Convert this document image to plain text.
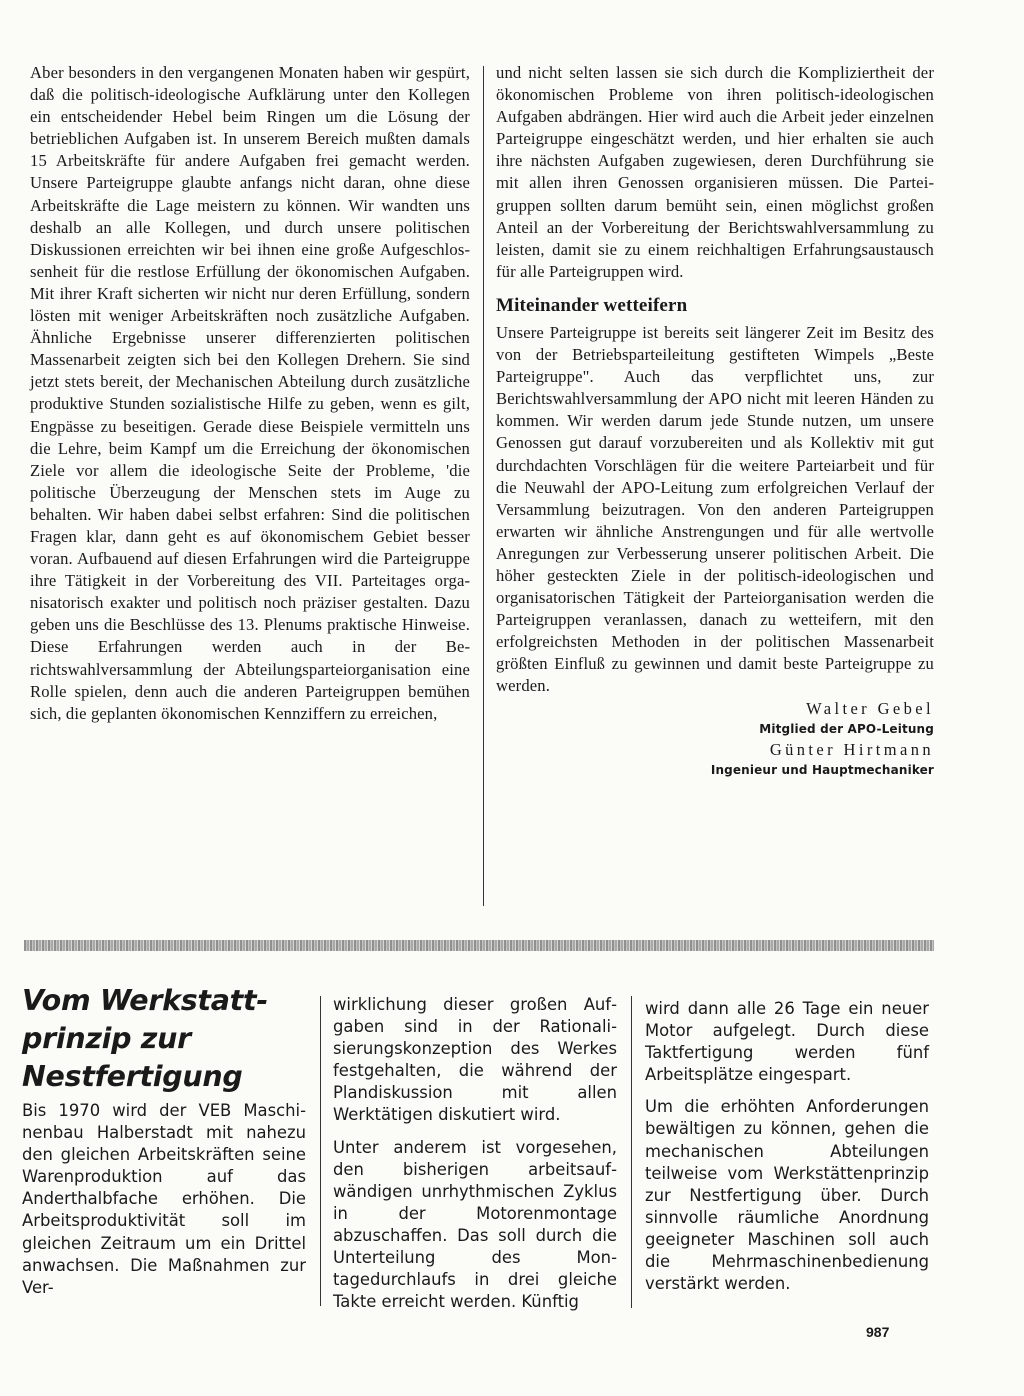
Aber besonders in den vergangenen Monaten haben wir gespürt, daß die politisch-ideologische Aufklärung unter den Kollegen ein entscheidender Hebel beim Ringen um die Lösung der betrieblichen Aufgaben ist. In unserem Bereich mußten damals 15 Arbeitskräfte für andere Aufgaben frei gemacht werden. Unsere Parteigruppe glaubte anfangs nicht daran, ohne diese Arbeitskräfte die Lage meistern zu können. Wir wandten uns deshalb an alle Kollegen, und durch unsere politischen Diskussionen erreichten wir bei ihnen eine große Aufgeschlossenheit für die restlose Erfüllung der ökonomischen Aufgaben. Mit ihrer Kraft sicherten wir nicht nur deren Erfüllung, sondern lösten mit weniger Arbeitskräften noch zusätzliche Aufgaben. Ähnliche Ergebnisse unserer differenzierten politischen Massenarbeit zeigten sich bei den Kollegen Drehern. Sie sind jetzt stets bereit, der Mechanischen Abteilung durch zusätzliche produktive Stunden sozialistische Hilfe zu geben, wenn es gilt, Engpässe zu beseitigen. Gerade diese Beispiele vermitteln uns die Lehre, beim Kampf um die Erreichung der ökonomischen Ziele vor allem die ideologische Seite der Probleme, 'die politische Überzeugung der Menschen stets im Auge zu behalten. Wir haben dabei selbst erfahren: Sind die politischen Fragen klar, dann geht es auf ökonomischem Gebiet besser voran. Aufbauend auf diesen Erfahrungen wird die Parteigruppe ihre Tätigkeit in der Vorbereitung des VII. Parteitages organisatorisch exakter und politisch noch präziser gestalten. Dazu geben uns die Beschlüsse des 13. Plenums praktische Hinweise. Diese Erfahrungen werden auch in der Berichtswahlversammlung der Abteilungsparteiorganisation eine Rolle spielen, denn auch die anderen Parteigruppen bemühen sich, die geplanten ökonomischen Kennziffern zu erreichen,
und nicht selten lassen sie sich durch die Kompliziertheit der ökonomischen Probleme von ihren politisch-ideologischen Aufgaben abdrängen. Hier wird auch die Arbeit jeder einzelnen Parteigruppe eingeschätzt werden, und hier erhalten sie auch ihre nächsten Aufgaben zugewiesen, deren Durchführung sie mit allen ihren Genossen organisieren müssen. Die Parteigruppen sollten darum bemüht sein, einen möglichst großen Anteil an der Vorbereitung der Berichtswahlversammlung zu leisten, damit sie zu einem reichhaltigen Erfahrungsaustausch für alle Parteigruppen wird.
Miteinander wetteifern
Unsere Parteigruppe ist bereits seit längerer Zeit im Besitz des von der Betriebsparteileitung gestifteten Wimpels „Beste Parteigruppe". Auch das verpflichtet uns, zur Berichtswahlversammlung der APO nicht mit leeren Händen zu kommen. Wir werden darum jede Stunde nutzen, um unsere Genossen gut darauf vorzubereiten und als Kollektiv mit gut durchdachten Vorschlägen für die weitere Parteiarbeit und für die Neuwahl der APO-Leitung zum erfolgreichen Verlauf der Versammlung beizutragen. Von den anderen Parteigruppen erwarten wir ähnliche Anstrengungen und für alle wertvolle Anregungen zur Verbesserung unserer politischen Arbeit. Die höher gesteckten Ziele in der politisch-ideologischen und organisatorischen Tätigkeit der Parteiorganisation werden die Parteigruppen veranlassen, danach zu wetteifern, mit den erfolgreichsten Methoden in der politischen Massenarbeit größten Einfluß zu gewinnen und damit beste Parteigruppe zu werden.
Walter Gebel
Mitglied der APO-Leitung
Günter Hirtmann
Ingenieur und Hauptmechaniker
Vom Werkstattprinzip zur Nestfertigung
Bis 1970 wird der VEB Maschinenbau Halberstadt mit nahezu den gleichen Arbeitskräften seine Warenproduktion auf das Anderthalbfache erhöhen. Die Arbeitsproduktivität soll im gleichen Zeitraum um ein Drittel anwachsen. Die Maßnahmen zur Ver-
wirklichung dieser großen Aufgaben sind in der Rationalisierungskonzeption des Werkes festgehalten, die während der Plandiskussion mit allen Werktätigen diskutiert wird.
Unter anderem ist vorgesehen, den bisherigen arbeitsaufwändigen unrhythmischen Zyklus in der Motorenmontage abzuschaffen. Das soll durch die Unterteilung des Montagedurchlaufs in drei gleiche Takte erreicht werden. Künftig
wird dann alle 26 Tage ein neuer Motor aufgelegt. Durch diese Taktfertigung werden fünf Arbeitsplätze eingespart.
Um die erhöhten Anforderungen bewältigen zu können, gehen die mechanischen Abteilungen teilweise vom Werkstättenprinzip zur Nestfertigung über. Durch sinnvolle räumliche Anordnung geeigneter Maschinen soll auch die Mehrmaschinenbedienung verstärkt werden.
987
